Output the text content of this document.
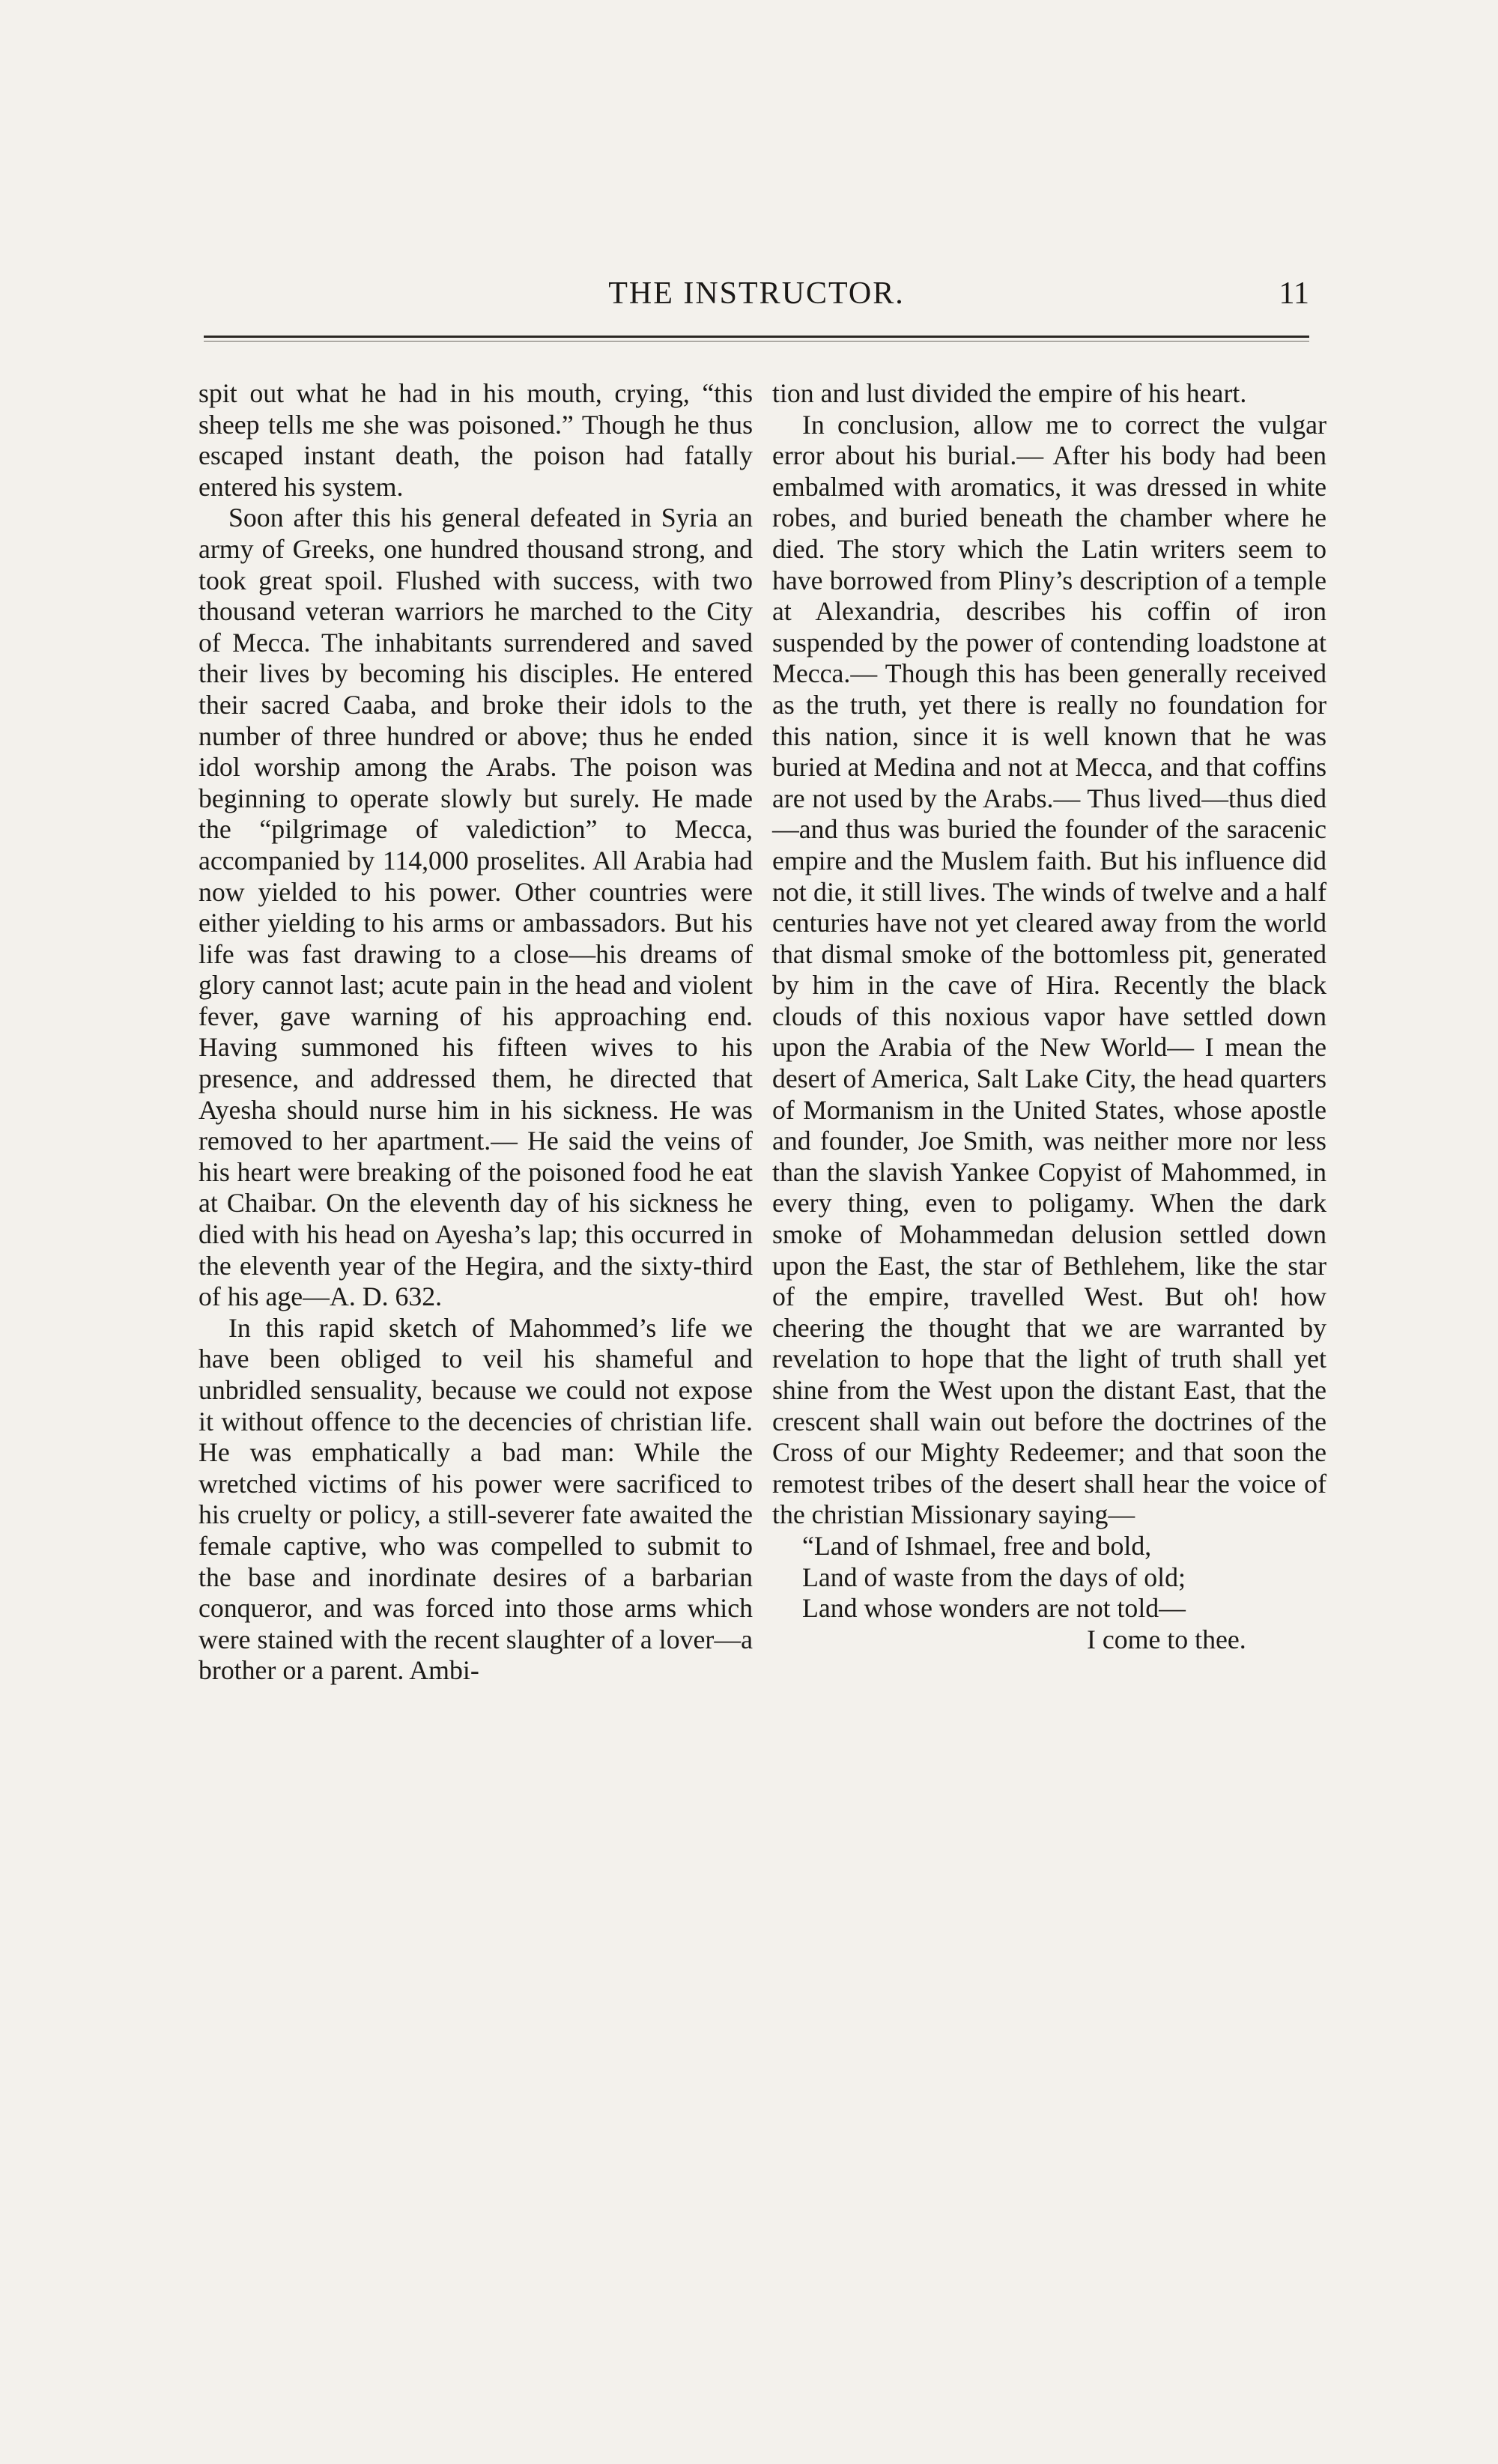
THE INSTRUCTOR.	11

spit out what he had in his mouth, crying, “this sheep tells me she was poisoned.” Though he thus escaped instant death, the poison had fatally entered his system.

Soon after this his general defeated in Syria an army of Greeks, one hundred thousand strong, and took great spoil. Flushed with success, with two thousand veteran warriors he marched to the City of Mecca. The inhabitants surrendered and saved their lives by becoming his disciples. He entered their sacred Caaba, and broke their idols to the number of three hundred or above; thus he ended idol worship among the Arabs. The poison was beginning to operate slowly but surely. He made the “pilgrimage of valediction” to Mecca, accompanied by 114,000 proselites. All Arabia had now yielded to his power. Other countries were either yielding to his arms or ambassadors. But his life was fast drawing to a close—his dreams of glory cannot last; acute pain in the head and violent fever, gave warning of his approaching end. Having summoned his fifteen wives to his presence, and addressed them, he directed that Ayesha should nurse him in his sickness. He was removed to her apartment.— He said the veins of his heart were breaking of the poisoned food he eat at Chaibar. On the eleventh day of his sickness he died with his head on Ayesha’s lap; this occurred in the eleventh year of the Hegira, and the sixty-third of his age—A. D. 632.

In this rapid sketch of Mahommed’s life we have been obliged to veil his shameful and unbridled sensuality, because we could not expose it without offence to the decencies of christian life. He was emphatically a bad man: While the wretched victims of his power were sacrificed to his cruelty or policy, a still-severer fate awaited the female captive, who was compelled to submit to the base and inordinate desires of a barbarian conqueror, and was forced into those arms which were stained with the recent slaughter of a lover—a brother or a parent. Ambi-

tion and lust divided the empire of his heart.

In conclusion, allow me to correct the vulgar error about his burial.— After his body had been embalmed with aromatics, it was dressed in white robes, and buried beneath the chamber where he died. The story which the Latin writers seem to have borrowed from Pliny’s description of a temple at Alexandria, describes his coffin of iron suspended by the power of contending loadstone at Mecca.— Though this has been generally received as the truth, yet there is really no foundation for this nation, since it is well known that he was buried at Medina and not at Mecca, and that coffins are not used by the Arabs.— Thus lived—thus died—and thus was buried the founder of the saracenic empire and the Muslem faith. But his influence did not die, it still lives. The winds of twelve and a half centuries have not yet cleared away from the world that dismal smoke of the bottomless pit, generated by him in the cave of Hira. Recently the black clouds of this noxious vapor have settled down upon the Arabia of the New World— I mean the desert of America, Salt Lake City, the head quarters of Mormanism in the United States, whose apostle and founder, Joe Smith, was neither more nor less than the slavish Yankee Copyist of Mahommed, in every thing, even to poligamy. When the dark smoke of Mohammedan delusion settled down upon the East, the star of Bethlehem, like the star of the empire, travelled West. But oh! how cheering the thought that we are warranted by revelation to hope that the light of truth shall yet shine from the West upon the distant East, that the crescent shall wain out before the doctrines of the Cross of our Mighty Redeemer; and that soon the remotest tribes of the desert shall hear the voice of the christian Missionary saying—

“Land of Ishmael, free and bold,
Land of waste from the days of old;
Land whose wonders are not told—
I come to thee.
